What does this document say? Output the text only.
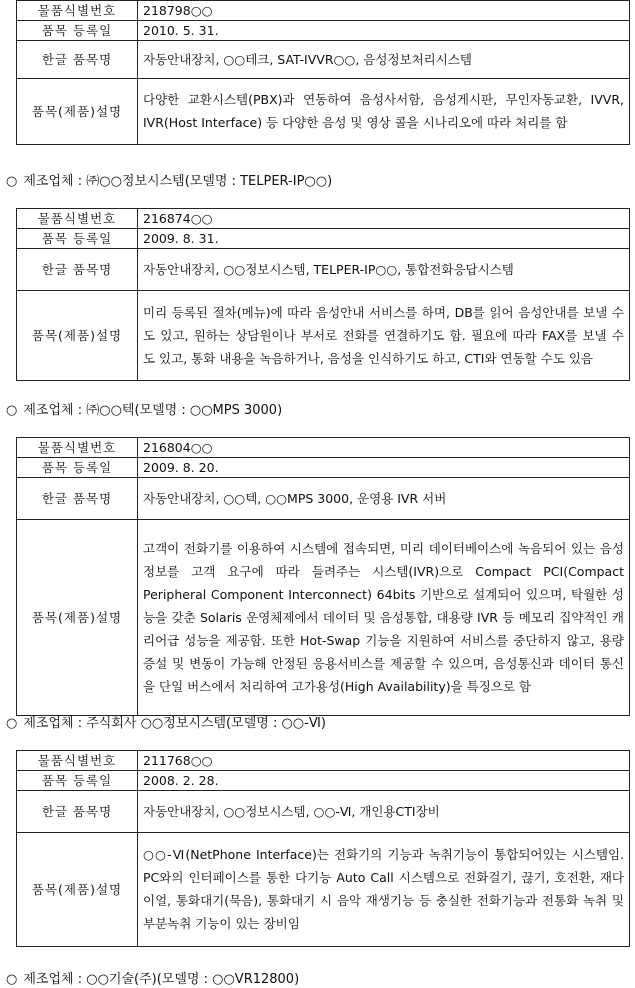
물품식별번호	218798○○
품목 등록일	2010. 5. 31.
한글 품목명	자동안내장치, ○○테크, SAT-IVVR○○, 음성정보처리시스템
품목(제품)설명	다양한 교환시스템(PBX)과 연동하여 음성사서함, 음성게시판, 무인자동교환, IVVR, IVR(Host Interface) 등 다양한 음성 및 영상 콜을 시나리오에 따라 처리를 함
○ 제조업체 : ㈜○○정보시스템(모델명 : TELPER-IP○○)
물품식별번호	216874○○
품목 등록일	2009. 8. 31.
한글 품목명	자동안내장치, ○○정보시스템, TELPER-IP○○, 통합전화응답시스템
품목(제품)설명	미리 등록된 절차(메뉴)에 따라 음성안내 서비스를 하며, DB를 읽어 음성안내를 보낼 수도 있고, 원하는 상담원이나 부서로 전화를 연결하기도 함. 필요에 따라 FAX를 보낼 수 도 있고, 통화 내용을 녹음하거나, 음성을 인식하기도 하고, CTI와 연동할 수도 있음
○ 제조업체 : ㈜○○텍(모델명 : ○○MPS 3000)
물품식별번호	216804○○
품목 등록일	2009. 8. 20.
한글 품목명	자동안내장치, ○○텍, ○○MPS 3000, 운영용 IVR 서버
품목(제품)설명	고객이 전화기를 이용하여 시스템에 접속되면, 미리 데이터베이스에 녹음되어 있는 음성 정보를 고객 요구에 따라 들려주는 시스템(IVR)으로 Compact PCI(Compact Peripheral Component Interconnect) 64bits 기반으로 설계되어 있으며, 탁월한 성능을 갖춘 Solaris 운영체제에서 데이터 및 음성통합, 대용량 IVR 등 메모리 집약적인 캐리어급 성능을 제공함. 또한 Hot-Swap 기능을 지원하여 서비스를 중단하지 않고, 용량 증설 및 변동이 가능해 안정된 응용서비스를 제공할 수 있으며, 음성통신과 데이터 통신을 단일 버스에서 처리하여 고가용성(High Availability)을 특징으로 함
○ 제조업체 : 주식회사 ○○정보시스템(모델명 : ○○-Ⅵ)
물품식별번호	211768○○
품목 등록일	2008. 2. 28.
한글 품목명	자동안내장치, ○○정보시스템, ○○-Ⅵ, 개인용CTI장비
품목(제품)설명	○○-Ⅵ(NetPhone Interface)는 전화기의 기능과 녹취기능이 통합되어있는 시스템임. PC와의 인터페이스를 통한 다기능 Auto Call 시스템으로 전화걸기, 끊기, 호전환, 재다이얼, 통화대기(묵음), 통화대기 시 음악 재생기능 등 충실한 전화기능과 전통화 녹취 및 부분녹취 기능이 있는 장비임
○ 제조업체 : ○○기술(주)(모델명 : ○○VR12800)
